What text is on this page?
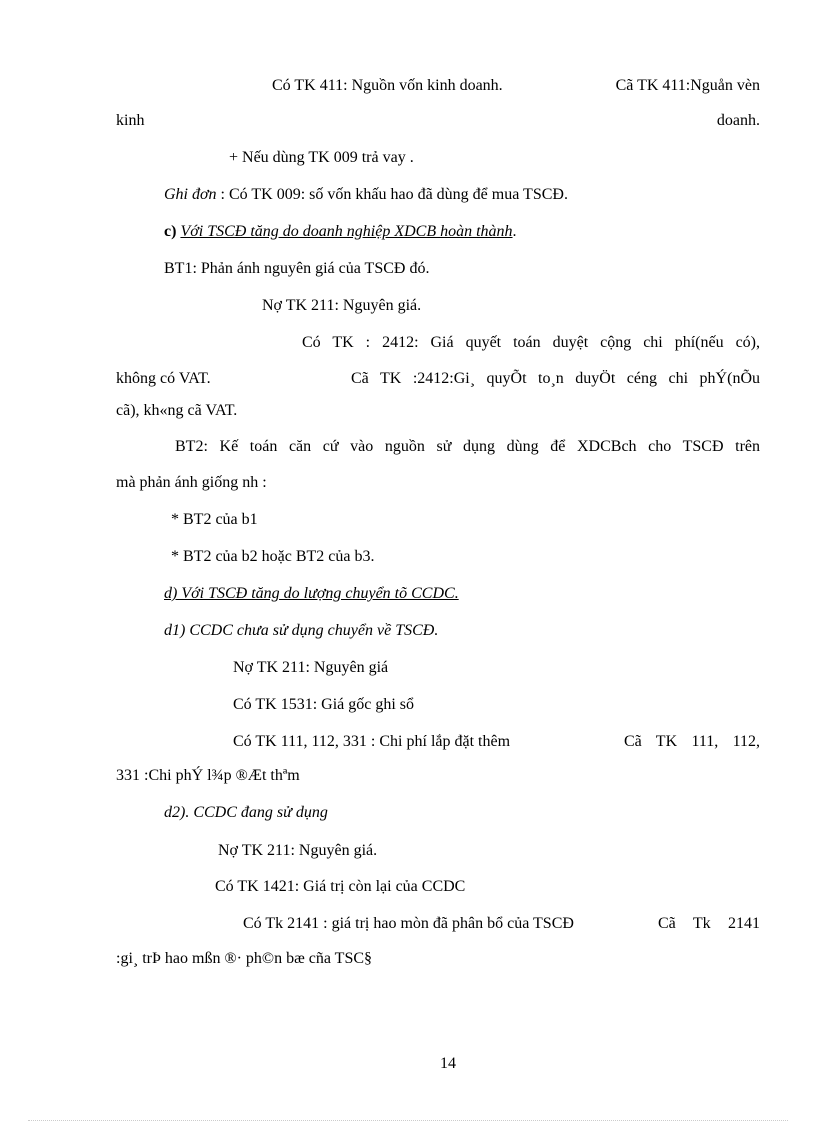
Có TK 411: Nguồn vốn kinh doanh.	Cã TK 411:Nguån vèn
kinh	doanh.
+ Nếu dùng TK 009 trả vay .
Ghi đơn : Có TK 009: số vốn khấu hao đã dùng để mua TSCĐ.
c) Với TSCĐ tăng do doanh nghiệp XDCB hoàn thành.
BT1: Phản ánh nguyên giá của TSCĐ đó.
Nợ TK 211: Nguyên giá.
Có TK : 2412: Giá quyết toán duyệt cộng chi phí(nếu có),
không có VAT.	Cã TK :2412:Gi¸ quyÕt to¸n duyÖt céng chi phÝ(nÕu
cã), kh«ng cã VAT.
BT2: Kế toán căn cứ vào nguồn sử dụng dùng để XDCBch cho TSCĐ trên
mà phản ánh giống nh :
* BT2 của b1
* BT2 của b2 hoặc BT2 của b3.
d) Với TSCĐ tăng do lượng chuyển tõ CCDC.
d1) CCDC chưa sử dụng chuyển về TSCĐ.
Nợ TK 211: Nguyên giá
Có TK 1531: Giá gốc ghi sổ
Có TK 111, 112, 331 : Chi phí lắp đặt thêm	Cã TK 111, 112,
331 :Chi phÝ l¾p ®Æt thªm
d2). CCDC đang sử dụng
Nợ TK 211: Nguyên giá.
Có TK 1421: Giá trị còn lại của CCDC
Có Tk 2141 : giá trị hao mòn đã phân bổ của TSCĐ	Cã Tk 2141
:gi¸ trÞ hao mßn ®· ph©n bæ cña TSC§
14
